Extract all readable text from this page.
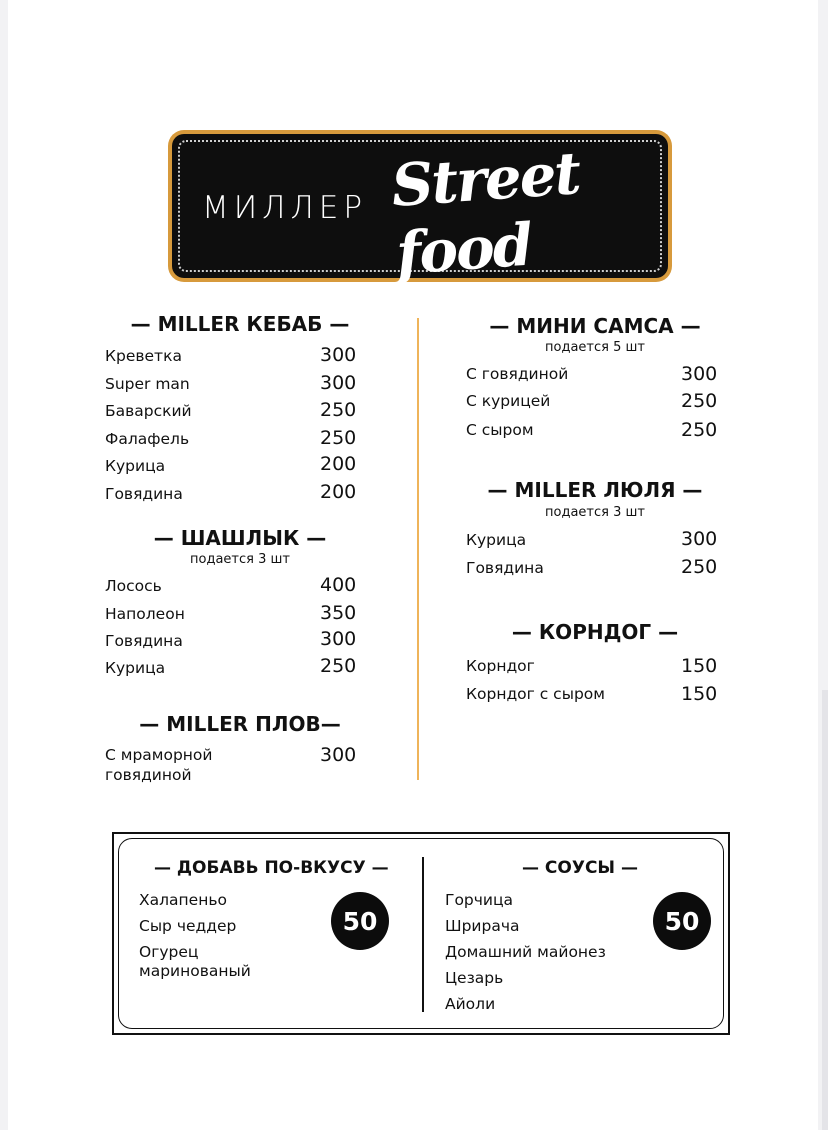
МИЛЛЕР Street food
— MILLER КЕБАБ —
Креветка	300
Super man	300
Баварский	250
Фалафель	250
Курица	200
Говядина	200
— ШАШЛЫК —
подается 3 шт
Лосось	400
Наполеон	350
Говядина	300
Курица	250
— MILLER ПЛОВ—
С мраморной
говядиной
300
— МИНИ САМСА —
подается 5 шт
С говядиной	300
С курицей	250
С сыром	250
— MILLER ЛЮЛЯ —
подается 3 шт
Курица	300
Говядина	250
— КОРНДОГ —
Корндог	150
Корндог с сыром	150
— ДОБАВЬ ПО-ВКУСУ —
Халапеньо
Сыр чеддер
Огурец
маринованый
50
— СОУСЫ —
Горчица
Шрирача
Домашний майонез
Цезарь
Айоли
50
